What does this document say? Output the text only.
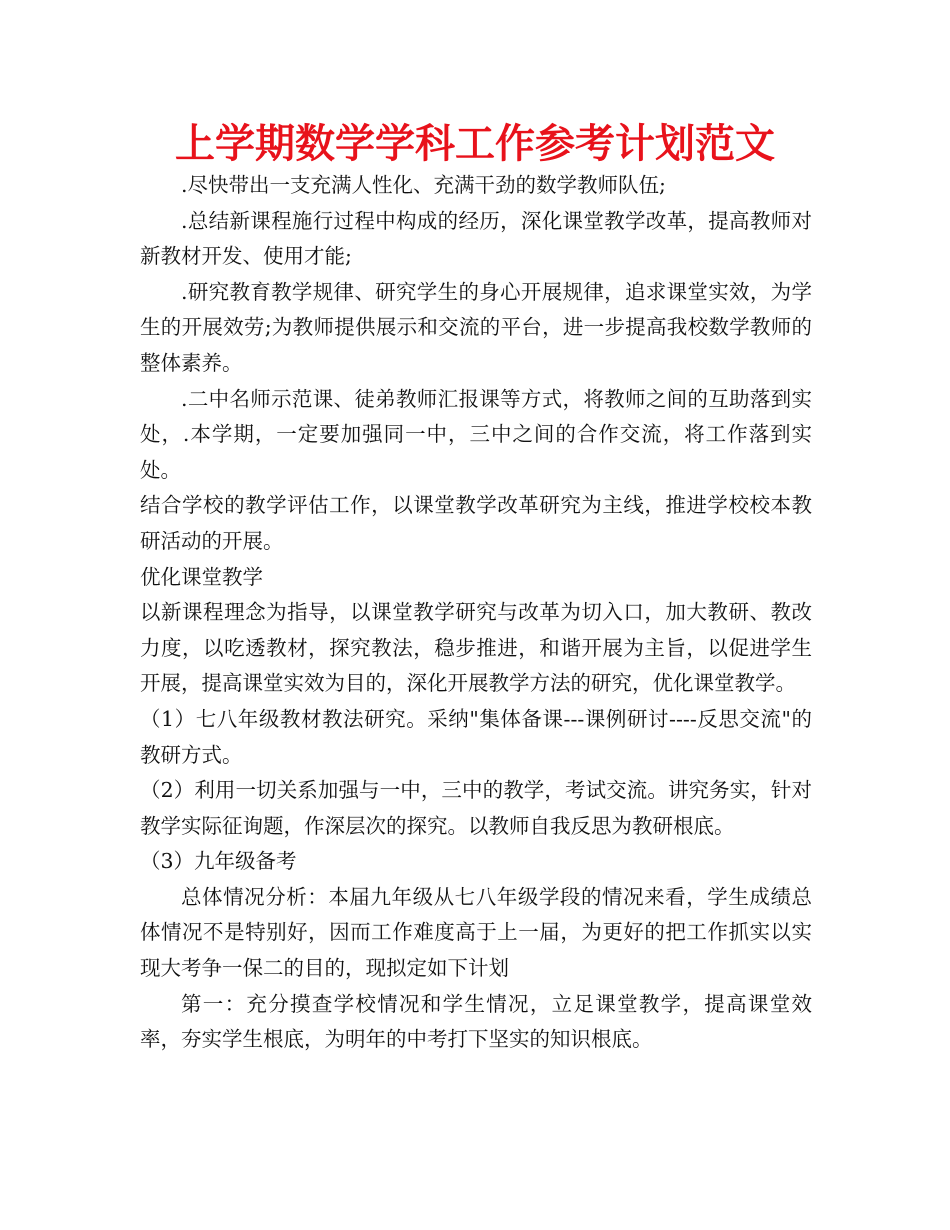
上学期数学学科工作参考计划范文

.尽快带出一支充满人性化、充满干劲的数学教师队伍;

.总结新课程施行过程中构成的经历，深化课堂教学改革，提高教师对新教材开发、使用才能;

.研究教育教学规律、研究学生的身心开展规律，追求课堂实效，为学生的开展效劳;为教师提供展示和交流的平台，进一步提高我校数学教师的整体素养。

.二中名师示范课、徒弟教师汇报课等方式，将教师之间的互助落到实处，.本学期，一定要加强同一中，三中之间的合作交流，将工作落到实处。

结合学校的教学评估工作，以课堂教学改革研究为主线，推进学校校本教研活动的开展。

优化课堂教学

以新课程理念为指导，以课堂教学研究与改革为切入口，加大教研、教改力度，以吃透教材，探究教法，稳步推进，和谐开展为主旨，以促进学生开展，提高课堂实效为目的，深化开展教学方法的研究，优化课堂教学。

（1）七八年级教材教法研究。采纳"集体备课---课例研讨----反思交流"的教研方式。

（2）利用一切关系加强与一中，三中的教学，考试交流。讲究务实，针对教学实际征询题，作深层次的探究。以教师自我反思为教研根底。

（3）九年级备考

总体情况分析：本届九年级从七八年级学段的情况来看，学生成绩总体情况不是特别好，因而工作难度高于上一届，为更好的把工作抓实以实现大考争一保二的目的，现拟定如下计划

第一：充分摸查学校情况和学生情况，立足课堂教学，提高课堂效率，夯实学生根底，为明年的中考打下坚实的知识根底。
